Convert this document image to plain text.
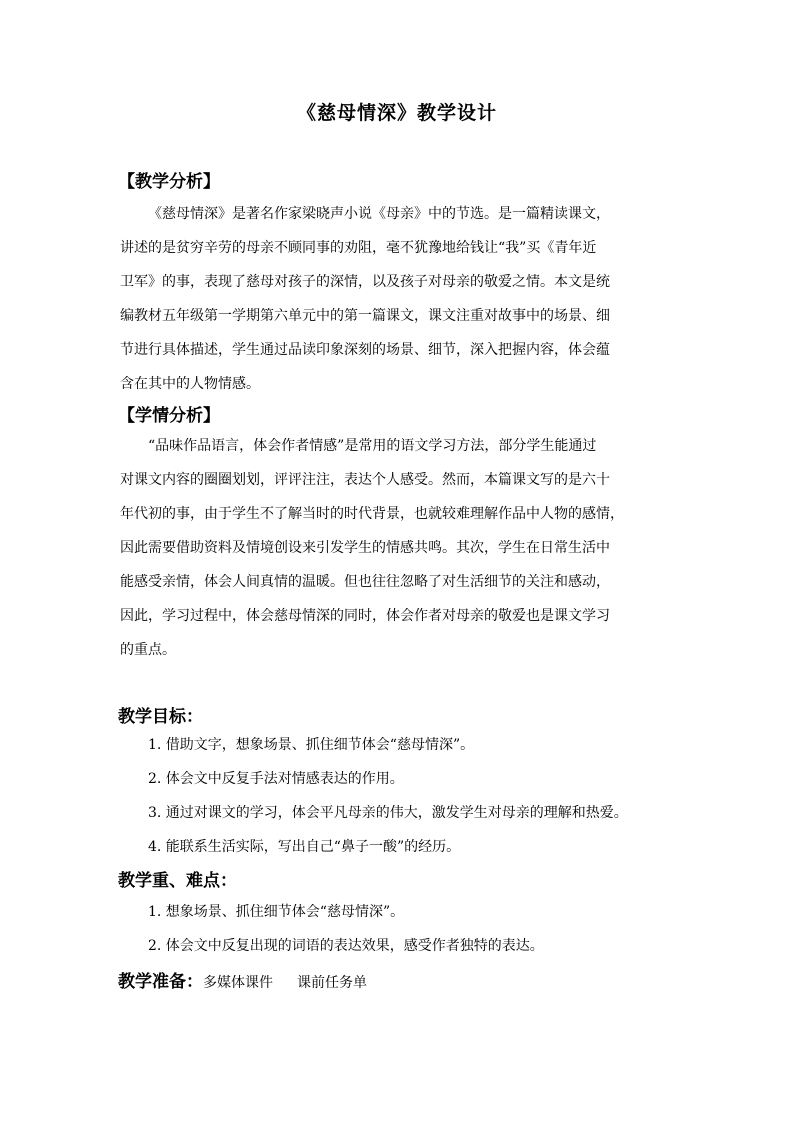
《慈母情深》教学设计
【教学分析】

《慈母情深》是著名作家梁晓声小说《母亲》中的节选。是一篇精读课文，
讲述的是贫穷辛劳的母亲不顾同事的劝阻，毫不犹豫地给钱让“我”买《青年近
卫军》的事，表现了慈母对孩子的深情，以及孩子对母亲的敬爱之情。本文是统
编教材五年级第一学期第六单元中的第一篇课文，课文注重对故事中的场景、细
节进行具体描述，学生通过品读印象深刻的场景、细节，深入把握内容，体会蕴
含在其中的人物情感。

【学情分析】

“品味作品语言，体会作者情感”是常用的语文学习方法，部分学生能通过
对课文内容的圈圈划划，评评注注，表达个人感受。然而，本篇课文写的是六十
年代初的事，由于学生不了解当时的时代背景，也就较难理解作品中人物的感情，
因此需要借助资料及情境创设来引发学生的情感共鸣。其次，学生在日常生活中
能感受亲情，体会人间真情的温暖。但也往往忽略了对生活细节的关注和感动，
因此，学习过程中，体会慈母情深的同时，体会作者对母亲的敬爱也是课文学习
的重点。

教学目标：
1. 借助文字，想象场景、抓住细节体会“慈母情深”。
2. 体会文中反复手法对情感表达的作用。
3. 通过对课文的学习，体会平凡母亲的伟大，激发学生对母亲的理解和热爱。
4. 能联系生活实际，写出自己“鼻子一酸”的经历。
教学重、难点：
1. 想象场景、抓住细节体会“慈母情深”。
2. 体会文中反复出现的词语的表达效果，感受作者独特的表达。
教学准备：多媒体课件 课前任务单
